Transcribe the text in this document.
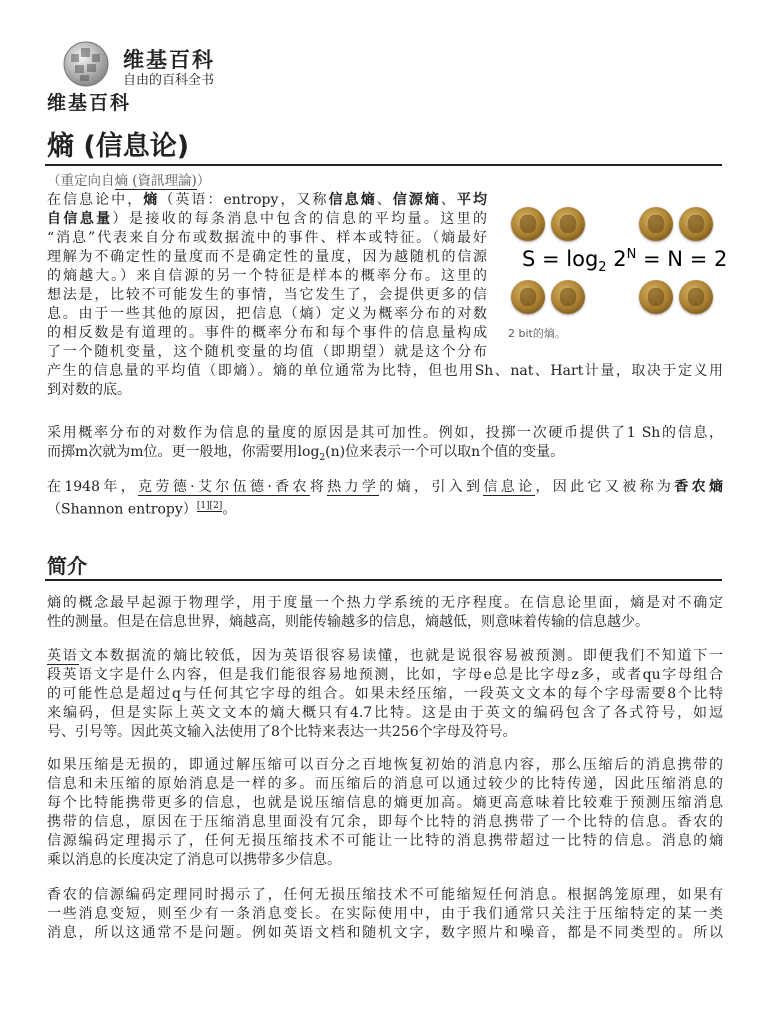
维基百科
自由的百科全书
维基百科
熵 (信息论)
（重定向自熵 (資訊理論)）
$S = \log_2 2^N = N = 2$
2 bit的熵。
在信息论中，熵（英语：entropy，又称信息熵、信源熵、平均
自信息量）是接收的每条消息中包含的信息的平均量。这里的
“消息”代表来自分布或数据流中的事件、样本或特征。（熵最好
理解为不确定性的量度而不是确定性的量度，因为越随机的信源
的熵越大。）来自信源的另一个特征是样本的概率分布。这里的
想法是，比较不可能发生的事情，当它发生了，会提供更多的信
息。由于一些其他的原因，把信息（熵）定义为概率分布的对数
的相反数是有道理的。事件的概率分布和每个事件的信息量构成
了一个随机变量，这个随机变量的均值（即期望）就是这个分布
产生的信息量的平均值（即熵）。熵的单位通常为比特，但也用Sh、nat、Hart计量，取决于定义用
到对数的底。
采用概率分布的对数作为信息的量度的原因是其可加性。例如，投掷一次硬币提供了1 Sh的信息，
而掷m次就为m位。更一般地，你需要用$\log_2(n)$位来表示一个可以取n个值的变量。
在1948年，克劳德·艾尔伍德·香农将热力学的熵，引入到信息论，因此它又被称为香农熵
（Shannon entropy）[1][2]。
简介
熵的概念最早起源于物理学，用于度量一个热力学系统的无序程度。在信息论里面，熵是对不确定
性的测量。但是在信息世界，熵越高，则能传输越多的信息，熵越低，则意味着传输的信息越少。
英语文本数据流的熵比较低，因为英语很容易读懂，也就是说很容易被预测。即便我们不知道下一
段英语文字是什么内容，但是我们能很容易地预测，比如，字母e总是比字母z多，或者qu字母组合
的可能性总是超过q与任何其它字母的组合。如果未经压缩，一段英文文本的每个字母需要8个比特
来编码，但是实际上英文文本的熵大概只有4.7比特。这是由于英文的编码包含了各式符号，如逗
号、引号等。因此英文输入法使用了8个比特来表达一共256个字母及符号。
如果压缩是无损的，即通过解压缩可以百分之百地恢复初始的消息内容，那么压缩后的消息携带的
信息和未压缩的原始消息是一样的多。而压缩后的消息可以通过较少的比特传递，因此压缩消息的
每个比特能携带更多的信息，也就是说压缩信息的熵更加高。熵更高意味着比较难于预测压缩消息
携带的信息，原因在于压缩消息里面没有冗余，即每个比特的消息携带了一个比特的信息。香农的
信源编码定理揭示了，任何无损压缩技术不可能让一比特的消息携带超过一比特的信息。消息的熵
乘以消息的长度决定了消息可以携带多少信息。
香农的信源编码定理同时揭示了，任何无损压缩技术不可能缩短任何消息。根据鸽笼原理，如果有
一些消息变短，则至少有一条消息变长。在实际使用中，由于我们通常只关注于压缩特定的某一类
消息，所以这通常不是问题。例如英语文档和随机文字，数字照片和噪音，都是不同类型的。所以
